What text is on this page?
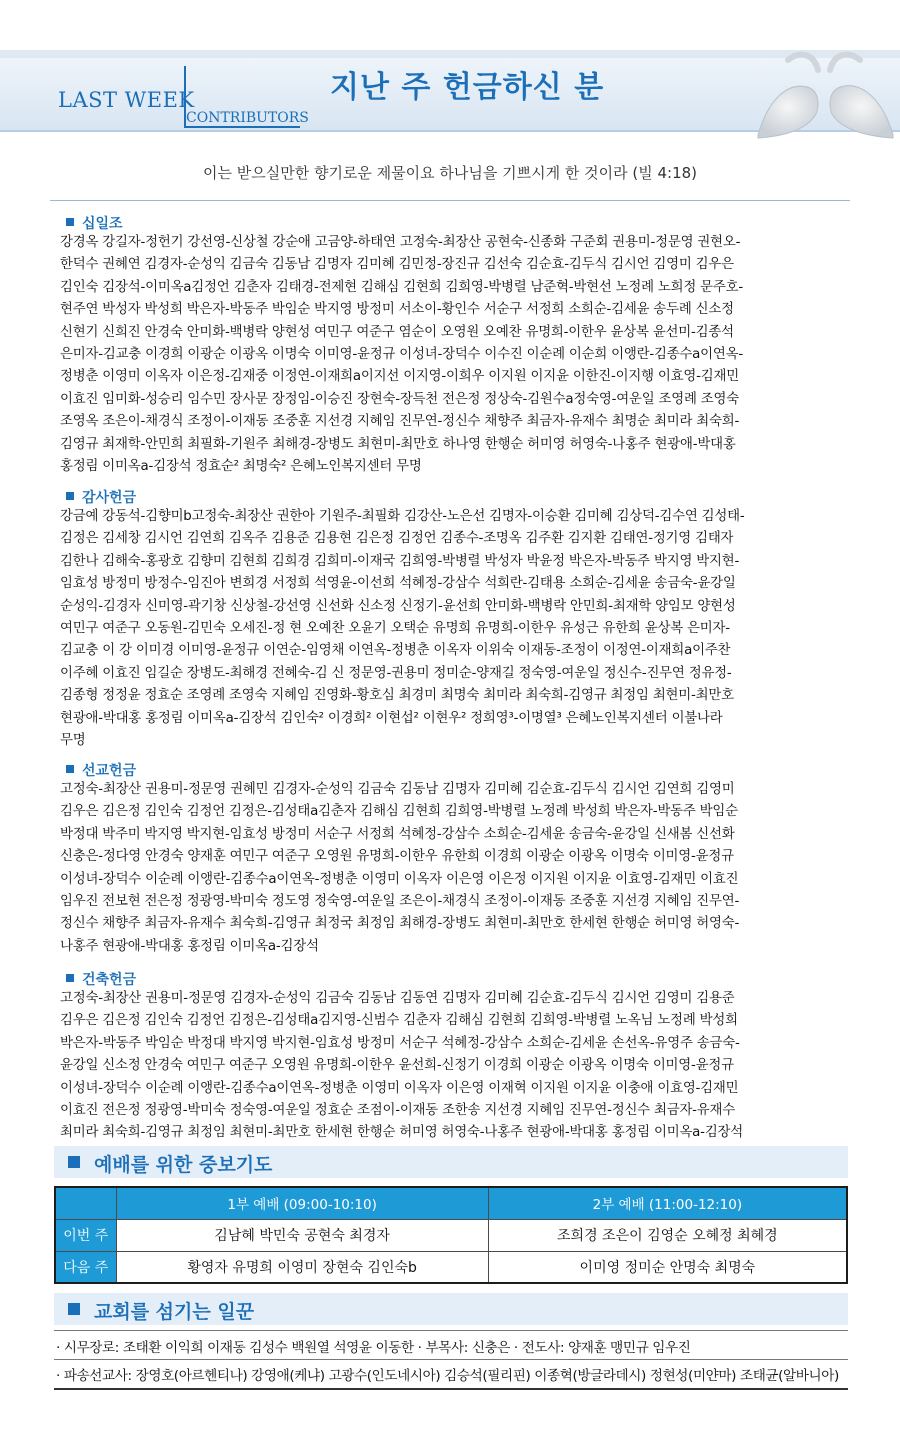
LAST WEEK
CONTRIBUTORS
지난 주 헌금하신 분
이는 받으실만한 향기로운 제물이요 하나님을 기쁘시게 한 것이라 (빌 4:18)
십일조
강경옥 강길자-정헌기 강선영-신상철 강순애 고금양-하태연 고정숙-최장산 공현숙-신종화 구준회 권용미-정문영 권현오-
한덕수 권혜연 김경자-순성익 김금숙 김동남 김명자 김미혜 김민정-장진규 김선숙 김순효-김두식 김시언 김영미 김우은
김인숙 김장석-이미옥a김정언 김춘자 김태경-전제현 김해심 김현희 김희영-박병렬 남준혁-박현선 노정례 노희정 문주호-
현주연 박성자 박성희 박은자-박동주 박임순 박지영 방정미 서소이-황인수 서순구 서정희 소희순-김세윤 송두례 신소정
신현기 신희진 안경숙 안미화-백병락 양현성 여민구 여준구 염순이 오영원 오예찬 유명희-이한우 윤상복 윤선미-김종석
은미자-김교충 이경희 이광순 이광옥 이명숙 이미영-윤정규 이성녀-장덕수 이수진 이순례 이순희 이앵란-김종수a이연옥-
정병춘 이영미 이옥자 이은정-김재중 이정연-이재희a이지선 이지영-이희우 이지원 이지윤 이한진-이지행 이효영-김재민
이효진 임미화-성승리 임수민 장사문 장정임-이승진 장현숙-장득천 전은정 정상숙-김원수a정숙영-여운일 조영례 조영숙
조영옥 조은이-채경식 조정이-이재동 조중훈 지선경 지혜임 진무연-정신수 채향주 최금자-유재수 최명순 최미라 최숙희-
김영규 최재학-안민희 최필화-기원주 최해경-장병도 최현미-최만호 하나영 한행순 허미영 허영숙-나홍주 현광애-박대홍
홍정림 이미옥a-김장석 정효순² 최명숙² 은혜노인복지센터 무명
감사헌금
강금예 강동석-김향미b고정숙-최장산 권한아 기원주-최필화 김강산-노은선 김명자-이승환 김미혜 김상덕-김수연 김성태-
김정은 김세창 김시언 김연희 김옥주 김용준 김용현 김은정 김정언 김종수-조명옥 김주환 김지환 김태연-정기영 김태자
김한나 김해숙-홍광호 김향미 김현희 김희경 김희미-이재국 김희영-박병렬 박성자 박윤정 박은자-박동주 박지영 박지현-
임효성 방정미 방정수-임진아 변희경 서정희 석영윤-이선희 석혜정-강삼수 석희란-김태용 소희순-김세윤 송금숙-윤강일
순성익-김경자 신미영-곽기창 신상철-강선영 신선화 신소정 신정기-윤선희 안미화-백병락 안민희-최재학 양임모 양현성
여민구 여준구 오동원-김민숙 오세진-정 현 오예찬 오윤기 오택순 유명희 유명희-이한우 유성근 유한희 윤상복 은미자-
김교충 이 강 이미경 이미영-윤정규 이연순-임영채 이연옥-정병춘 이옥자 이위숙 이재동-조정이 이정연-이재희a이주찬
이주혜 이효진 임길순 장병도-최해경 전혜숙-김 신 정문영-권용미 정미순-양재길 정숙영-여운일 정신수-진무연 정유정-
김종형 정정윤 정효순 조영례 조영숙 지혜임 진영화-황호심 최경미 최명숙 최미라 최숙희-김영규 최정임 최현미-최만호
현광애-박대홍 홍정림 이미옥a-김장석 김인숙² 이경희² 이현섭² 이현우² 정희영³-이명열³ 은혜노인복지센터 이불나라
무명
선교헌금
고정숙-최장산 권용미-정문영 권혜민 김경자-순성익 김금숙 김동남 김명자 김미혜 김순효-김두식 김시언 김연희 김영미
김우은 김은정 김인숙 김정언 김정은-김성태a김춘자 김해심 김현희 김희영-박병렬 노정례 박성희 박은자-박동주 박임순
박정대 박주미 박지영 박지현-임효성 방정미 서순구 서정희 석혜정-강삼수 소희순-김세윤 송금숙-윤강일 신새봄 신선화
신충은-정다영 안경숙 양재훈 여민구 여준구 오영원 유명희-이한우 유한희 이경희 이광순 이광옥 이명숙 이미영-윤정규
이성녀-장덕수 이순례 이앵란-김종수a이연옥-정병춘 이영미 이옥자 이은영 이은정 이지원 이지윤 이효영-김재민 이효진
임우진 전보현 전은정 정광영-박미숙 정도영 정숙영-여운일 조은이-채경식 조정이-이재동 조중훈 지선경 지혜임 진무연-
정신수 채향주 최금자-유재수 최숙희-김영규 최정국 최정임 최해경-장병도 최현미-최만호 한세현 한행순 허미영 허영숙-
나홍주 현광애-박대홍 홍정림 이미옥a-김장석
건축헌금
고정숙-최장산 권용미-정문영 김경자-순성익 김금숙 김동남 김동연 김명자 김미혜 김순효-김두식 김시언 김영미 김용준
김우은 김은정 김인숙 김정언 김정은-김성태a김지영-신범수 김춘자 김해심 김현희 김희영-박병렬 노옥님 노정례 박성희
박은자-박동주 박임순 박정대 박지영 박지현-임효성 방정미 서순구 석혜정-강삼수 소희순-김세윤 손선옥-유영주 송금숙-
윤강일 신소정 안경숙 여민구 여준구 오영원 유명희-이한우 윤선희-신정기 이경희 이광순 이광옥 이명숙 이미영-윤정규
이성녀-장덕수 이순례 이앵란-김종수a이연옥-정병춘 이영미 이옥자 이은영 이재혁 이지원 이지윤 이충애 이효영-김재민
이효진 전은정 정광영-박미숙 정숙영-여운일 정효순 조점이-이재동 조한송 지선경 지혜임 진무연-정신수 최금자-유재수
최미라 최숙희-김영규 최정임 최현미-최만호 한세현 한행순 허미영 허영숙-나홍주 현광애-박대홍 홍정림 이미옥a-김장석
예배를 위한 중보기도
	1부 예배 (09:00-10:10)	2부 예배 (11:00-12:10)
이번 주	김남혜 박민숙 공현숙 최경자	조희경 조은이 김영순 오혜정 최혜경
다음 주	황영자 유명희 이영미 장현숙 김인숙b	이미영 정미순 안명숙 최명숙
교회를 섬기는 일꾼
· 시무장로: 조태환 이익희 이재동 김성수 백원열 석영윤 이동한 · 부목사: 신충은 · 전도사: 양재훈 맹민규 임우진
· 파송선교사: 장영호(아르헨티나) 강영애(케냐) 고광수(인도네시아) 김승석(필리핀) 이종혁(방글라데시) 정현성(미얀마) 조태균(알바니아)
